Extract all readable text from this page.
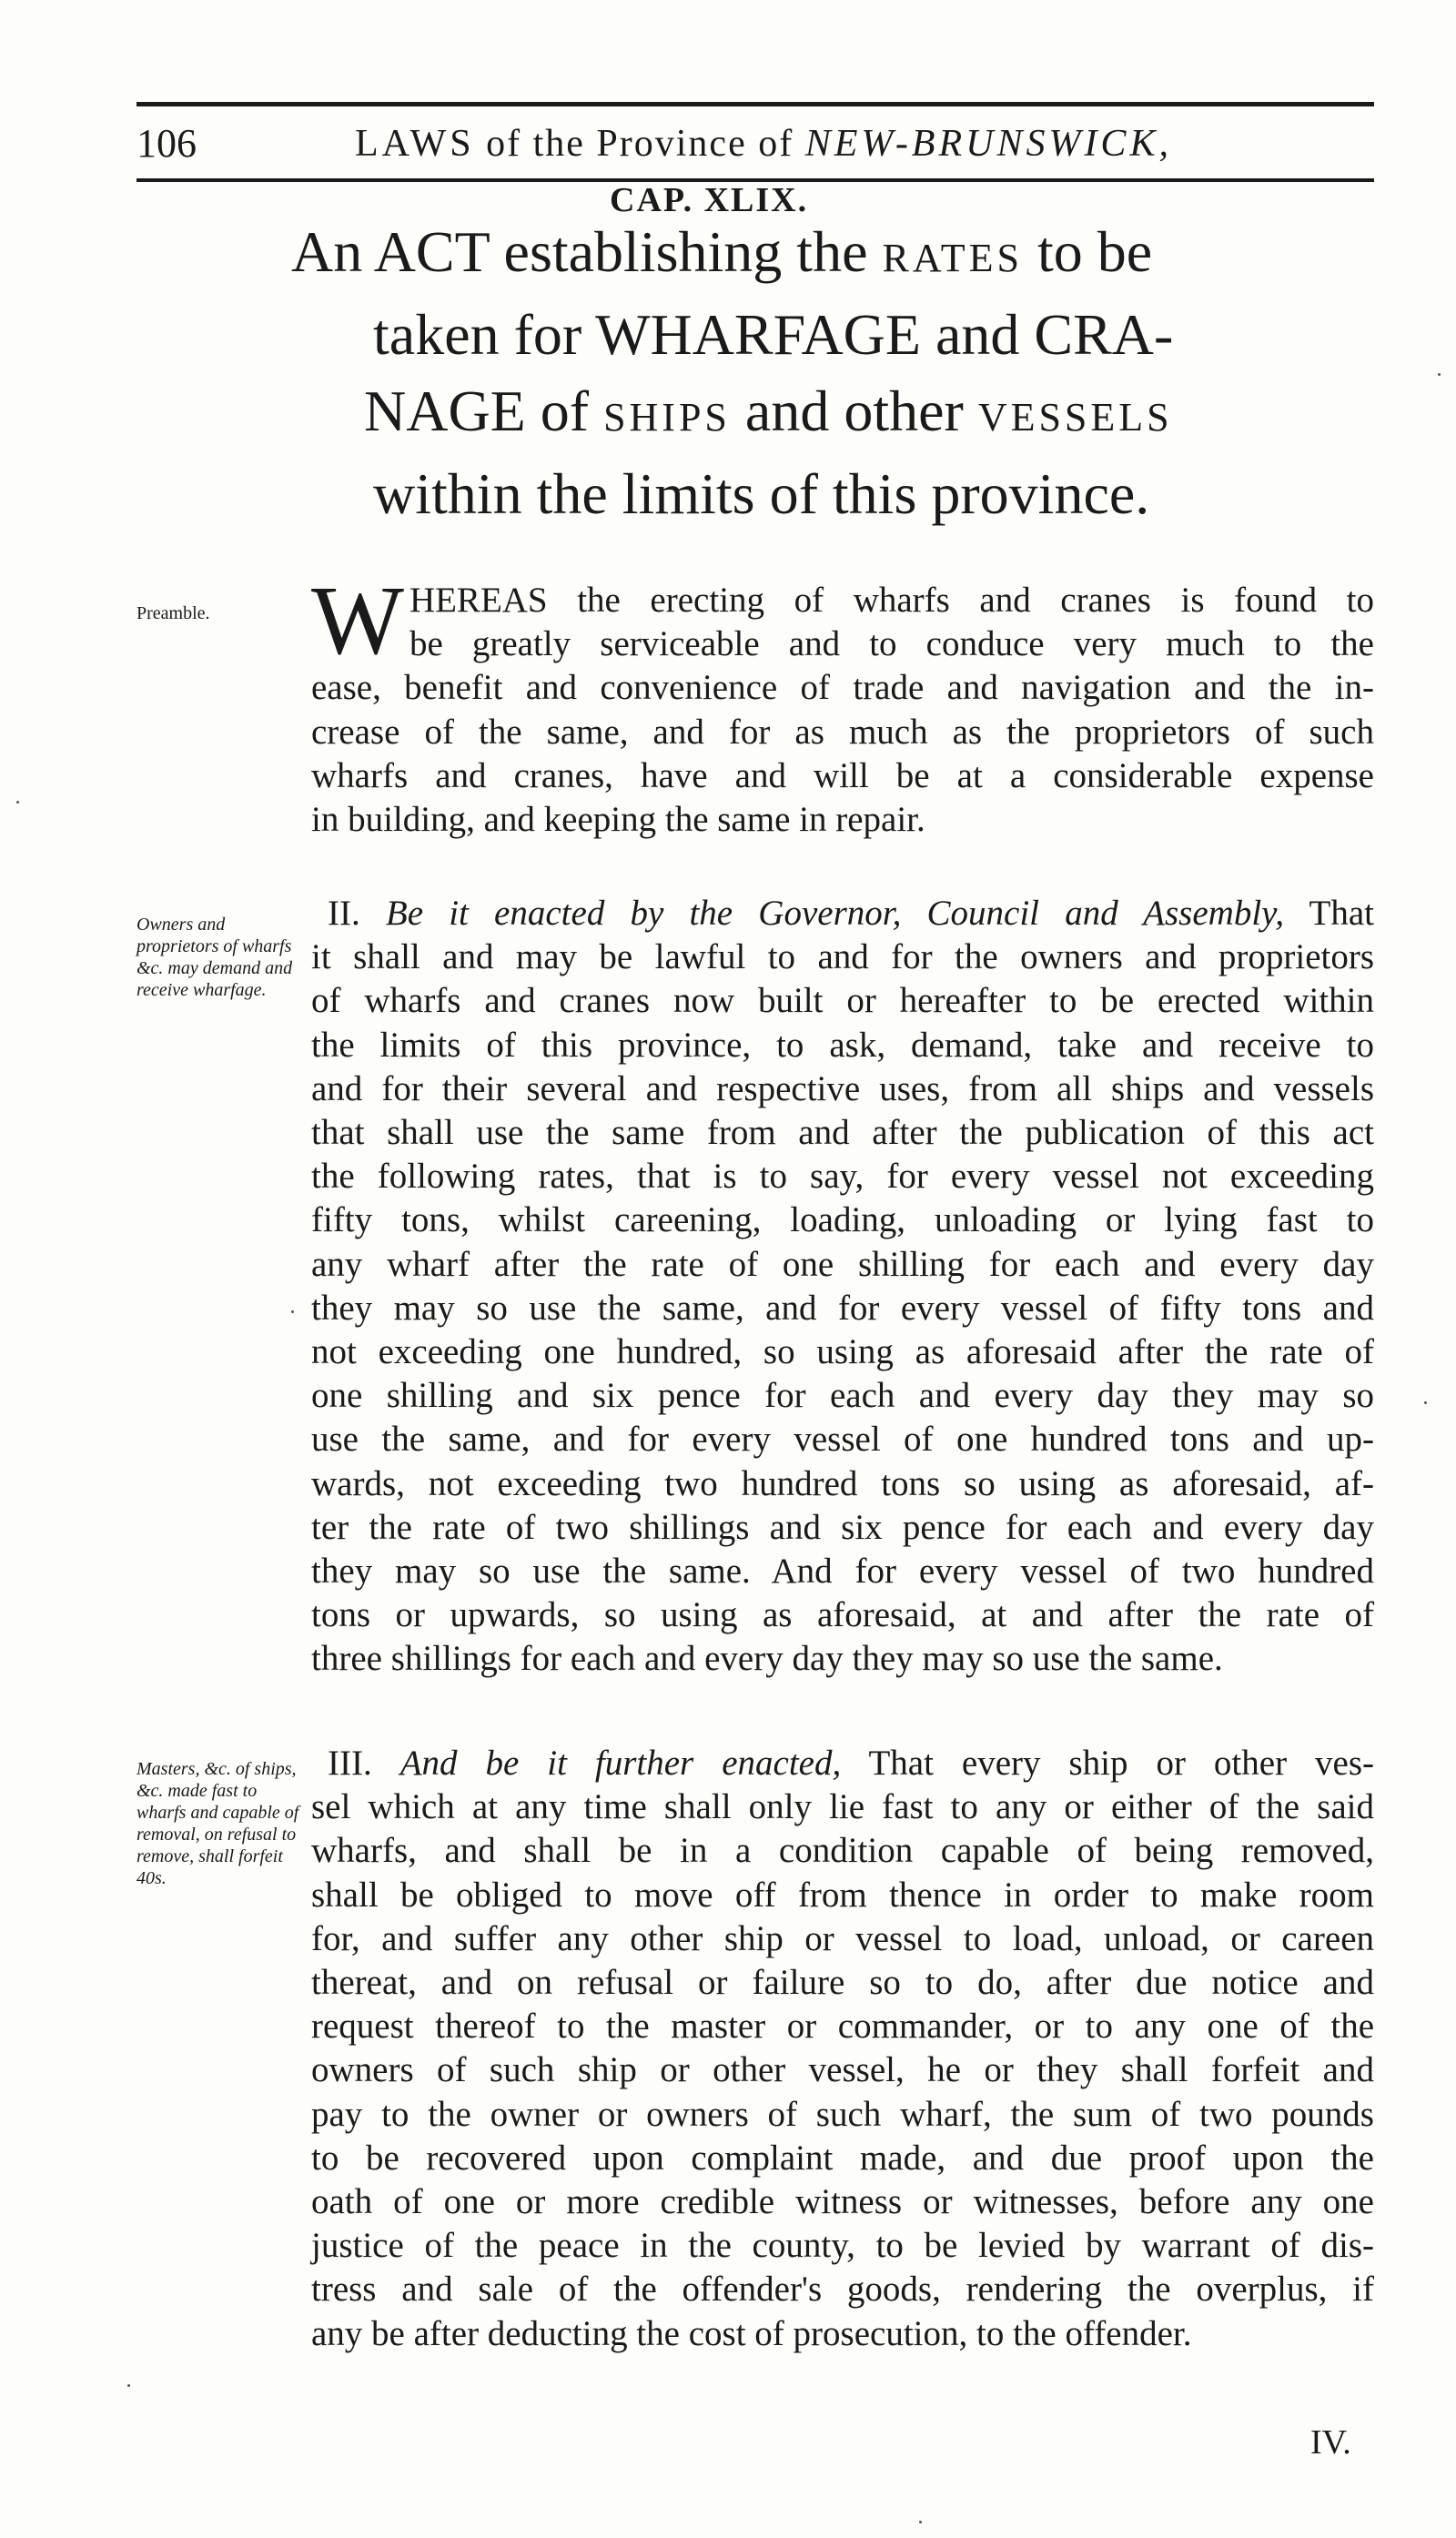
106	LAWS of the Province of NEW-BRUNSWICK,
CAP. XLIX.
An ACT establishing the RATES to be
taken for WHARFAGE and CRA-
NAGE of SHIPS and other VESSELS
within the limits of this province.
Preamble.
Owners and proprietors of wharfs &c. may demand and receive wharfage.
Masters, &c. of ships, &c. made fast to wharfs and capable of removal, on refusal to remove, shall forfeit 40s.
W HEREAS the erecting of wharfs and cranes is found to
be greatly serviceable and to conduce very much to the
ease, benefit and convenience of trade and navigation and the in-
crease of the same, and for as much as the proprietors of such
wharfs and cranes, have and will be at a considerable expense
in building, and keeping the same in repair.
II. Be it enacted by the Governor, Council and Assembly, That
it shall and may be lawful to and for the owners and proprietors
of wharfs and cranes now built or hereafter to be erected within
the limits of this province, to ask, demand, take and receive to
and for their several and respective uses, from all ships and vessels
that shall use the same from and after the publication of this act
the following rates, that is to say, for every vessel not exceeding
fifty tons, whilst careening, loading, unloading or lying fast to
any wharf after the rate of one shilling for each and every day
they may so use the same, and for every vessel of fifty tons and
not exceeding one hundred, so using as aforesaid after the rate of
one shilling and six pence for each and every day they may so
use the same, and for every vessel of one hundred tons and up-
wards, not exceeding two hundred tons so using as aforesaid, af-
ter the rate of two shillings and six pence for each and every day
they may so use the same. And for every vessel of two hundred
tons or upwards, so using as aforesaid, at and after the rate of
three shillings for each and every day they may so use the same.
III. And be it further enacted, That every ship or other ves-
sel which at any time shall only lie fast to any or either of the said
wharfs, and shall be in a condition capable of being removed,
shall be obliged to move off from thence in order to make room
for, and suffer any other ship or vessel to load, unload, or careen
thereat, and on refusal or failure so to do, after due notice and
request thereof to the master or commander, or to any one of the
owners of such ship or other vessel, he or they shall forfeit and
pay to the owner or owners of such wharf, the sum of two pounds
to be recovered upon complaint made, and due proof upon the
oath of one or more credible witness or witnesses, before any one
justice of the peace in the county, to be levied by warrant of dis-
tress and sale of the offender's goods, rendering the overplus, if
any be after deducting the cost of prosecution, to the offender.
IV.
